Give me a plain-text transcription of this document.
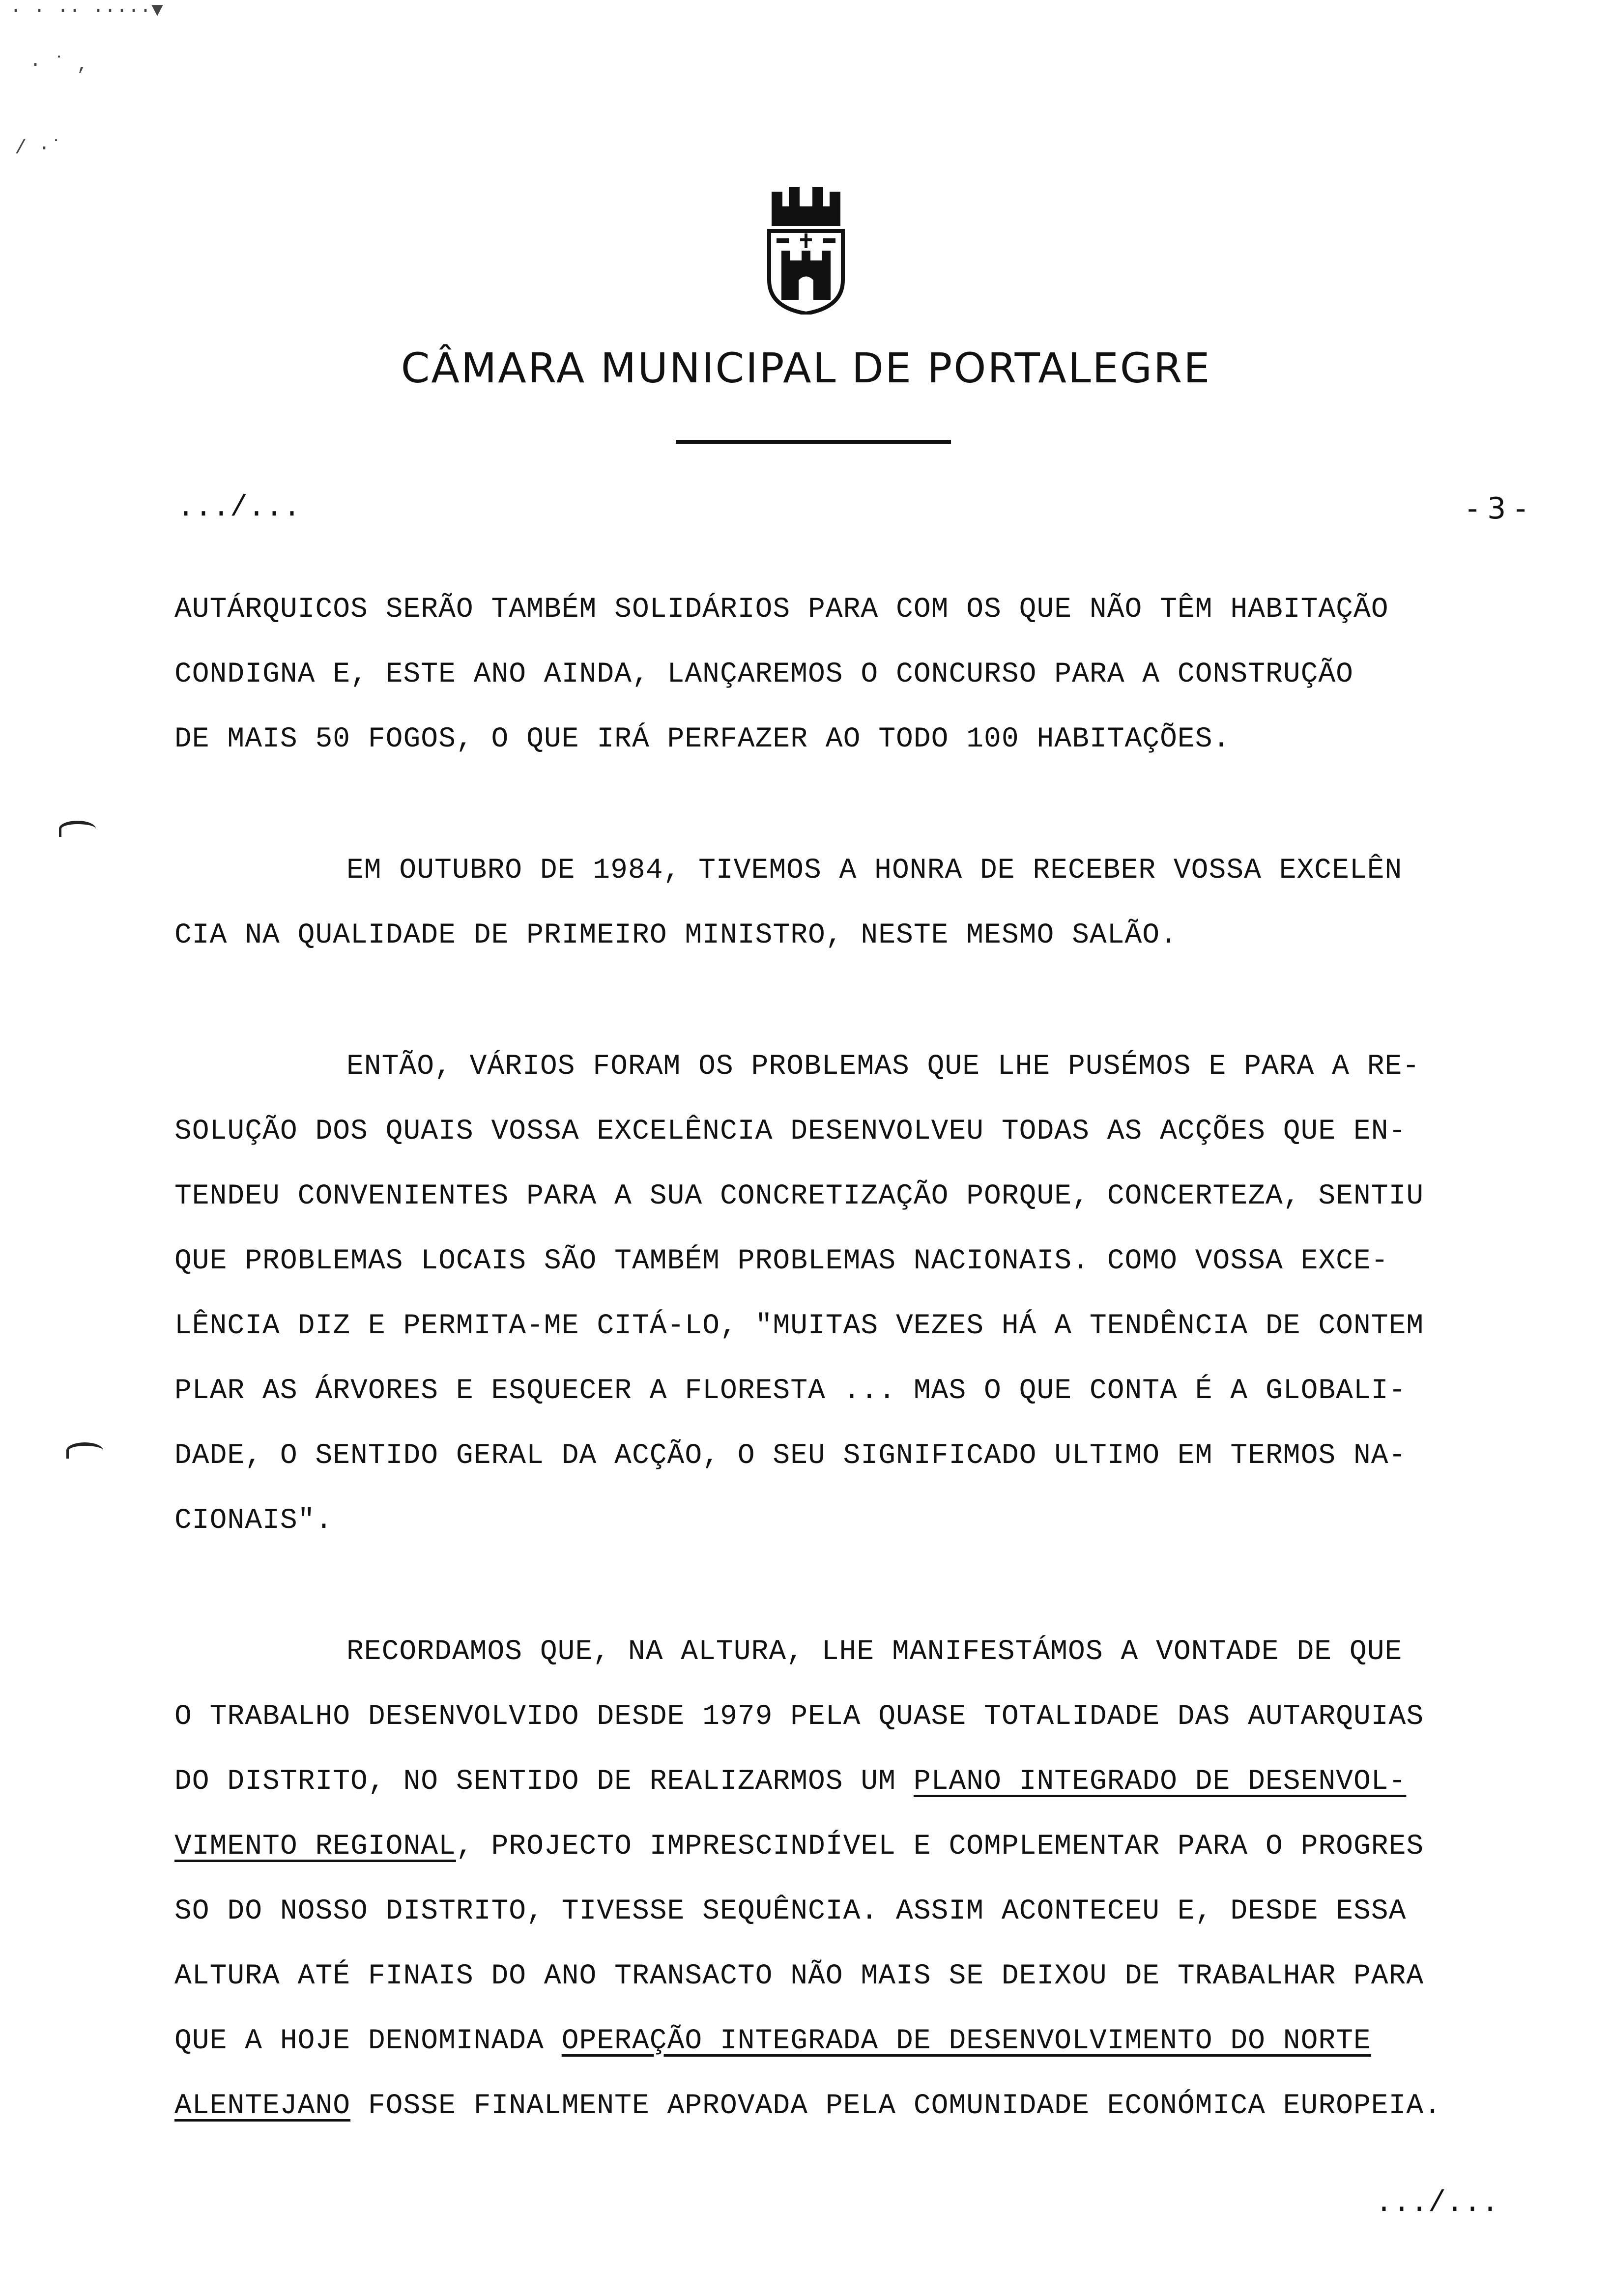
CÂMARA MUNICIPAL DE PORTALEGRE
.../...	- 3 -
AUTÁRQUICOS SERÃO TAMBÉM SOLIDÁRIOS PARA COM OS QUE NÃO TÊM HABITAÇÃO
CONDIGNA E, ESTE ANO AINDA, LANÇAREMOS O CONCURSO PARA A CONSTRUÇÃO
DE MAIS 50 FOGOS, O QUE IRÁ PERFAZER AO TODO 100 HABITAÇÕES.
EM OUTUBRO DE 1984, TIVEMOS A HONRA DE RECEBER VOSSA EXCELÊN
CIA NA QUALIDADE DE PRIMEIRO MINISTRO, NESTE MESMO SALÃO.
ENTÃO, VÁRIOS FORAM OS PROBLEMAS QUE LHE PUSÉMOS E PARA A RE-
SOLUÇÃO DOS QUAIS VOSSA EXCELÊNCIA DESENVOLVEU TODAS AS ACÇÕES QUE EN-
TENDEU CONVENIENTES PARA A SUA CONCRETIZAÇÃO PORQUE, CONCERTEZA, SENTIU
QUE PROBLEMAS LOCAIS SÃO TAMBÉM PROBLEMAS NACIONAIS. COMO VOSSA EXCE-
LÊNCIA DIZ E PERMITA-ME CITÁ-LO, "MUITAS VEZES HÁ A TENDÊNCIA DE CONTEM
PLAR AS ÁRVORES E ESQUECER A FLORESTA ... MAS O QUE CONTA É A GLOBALI-
DADE, O SENTIDO GERAL DA ACÇÃO, O SEU SIGNIFICADO ULTIMO EM TERMOS NA-
CIONAIS".
RECORDAMOS QUE, NA ALTURA, LHE MANIFESTÁMOS A VONTADE DE QUE
O TRABALHO DESENVOLVIDO DESDE 1979 PELA QUASE TOTALIDADE DAS AUTARQUIAS
DO DISTRITO, NO SENTIDO DE REALIZARMOS UM PLANO INTEGRADO DE DESENVOL-
VIMENTO REGIONAL, PROJECTO IMPRESCINDÍVEL E COMPLEMENTAR PARA O PROGRES
SO DO NOSSO DISTRITO, TIVESSE SEQUÊNCIA. ASSIM ACONTECEU E, DESDE ESSA
ALTURA ATÉ FINAIS DO ANO TRANSACTO NÃO MAIS SE DEIXOU DE TRABALHAR PARA
QUE A HOJE DENOMINADA OPERAÇÃO INTEGRADA DE DESENVOLVIMENTO DO NORTE
ALENTEJANO FOSSE FINALMENTE APROVADA PELA COMUNIDADE ECONÓMICA EUROPEIA.
.../...
· · ·· ·····▼
· ˙ ,
/ ·˙
